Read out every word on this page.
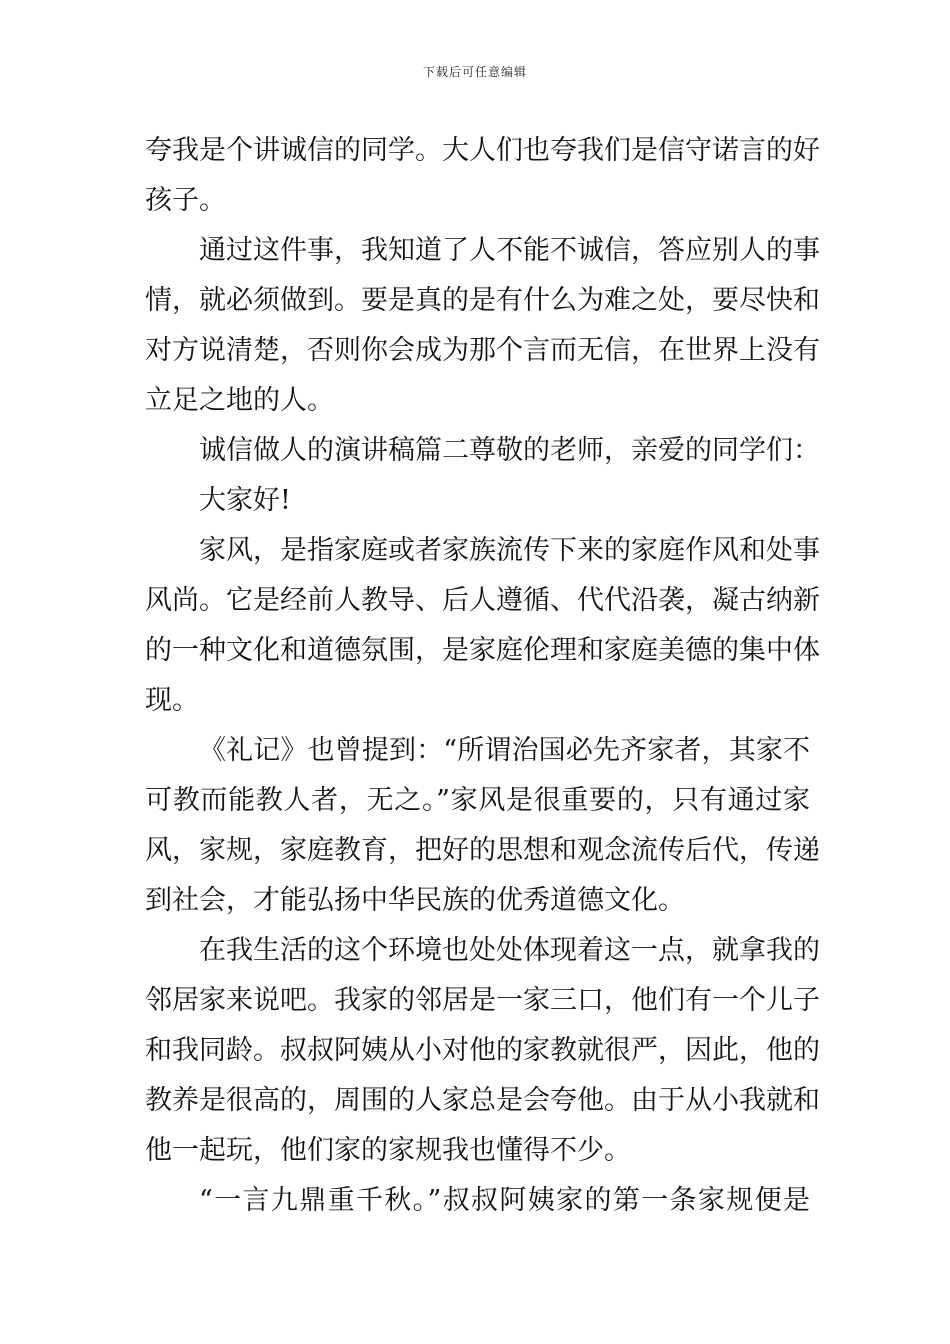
下载后可任意编辑
夸我是个讲诚信的同学。大人们也夸我们是信守诺言的好
孩子。
通过这件事，我知道了人不能不诚信，答应别人的事
情，就必须做到。要是真的是有什么为难之处，要尽快和
对方说清楚，否则你会成为那个言而无信，在世界上没有
立足之地的人。
诚信做人的演讲稿篇二尊敬的老师，亲爱的同学们：
大家好!
家风，是指家庭或者家族流传下来的家庭作风和处事
风尚。它是经前人教导、后人遵循、代代沿袭，凝古纳新
的一种文化和道德氛围，是家庭伦理和家庭美德的集中体
现。
《礼记》也曾提到：“所谓治国必先齐家者，其家不
可教而能教人者，无之。”家风是很重要的，只有通过家
风，家规，家庭教育，把好的思想和观念流传后代，传递
到社会，才能弘扬中华民族的优秀道德文化。
在我生活的这个环境也处处体现着这一点，就拿我的
邻居家来说吧。我家的邻居是一家三口，他们有一个儿子
和我同龄。叔叔阿姨从小对他的家教就很严，因此，他的
教养是很高的，周围的人家总是会夸他。由于从小我就和
他一起玩，他们家的家规我也懂得不少。
“一言九鼎重千秋。”叔叔阿姨家的第一条家规便是
